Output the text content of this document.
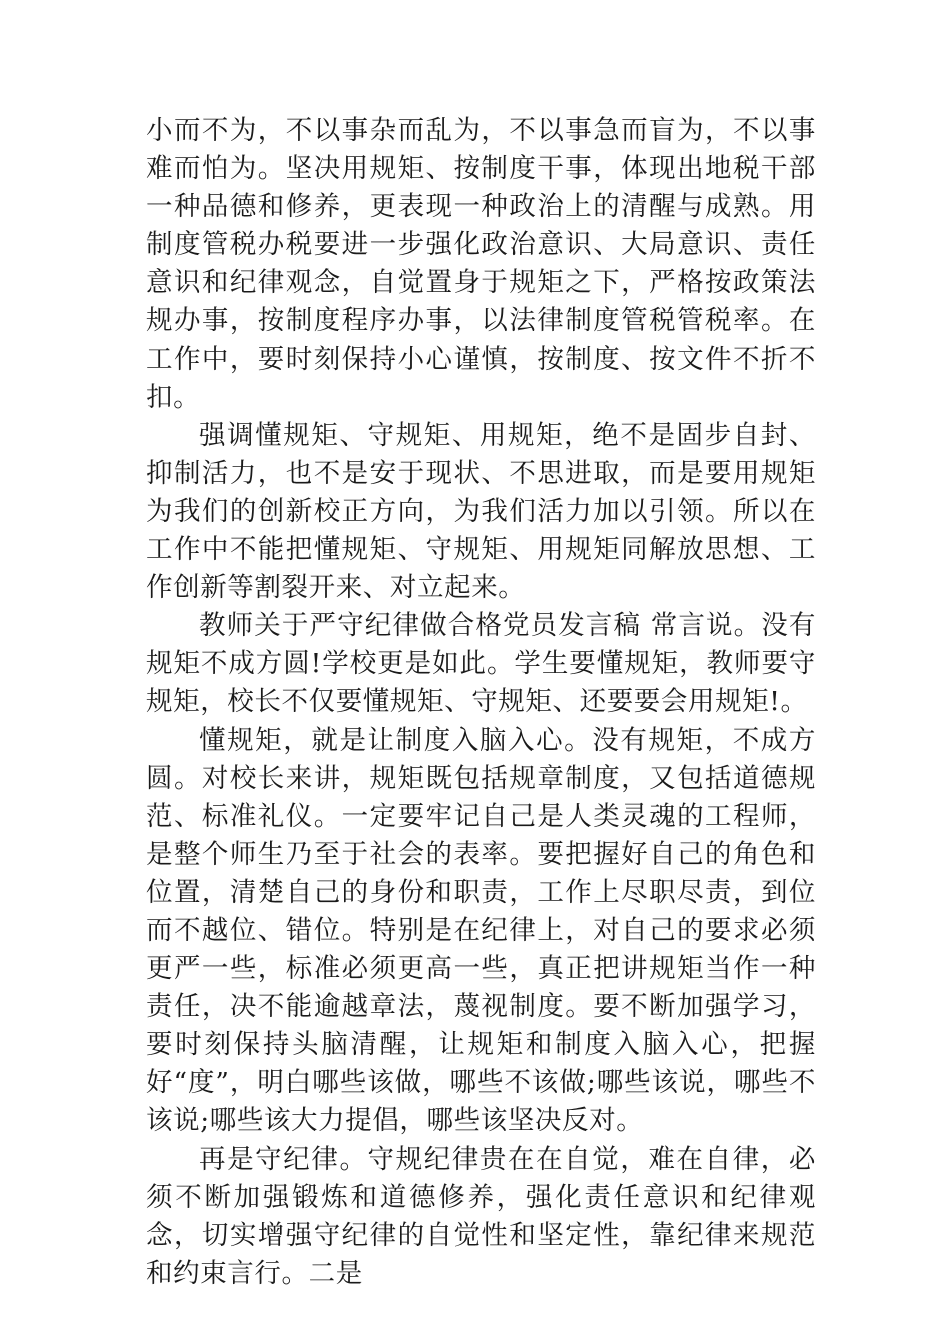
小而不为，不以事杂而乱为，不以事急而盲为，不以事难而怕为。坚决用规矩、按制度干事，体现出地税干部一种品德和修养，更表现一种政治上的清醒与成熟。用制度管税办税要进一步强化政治意识、大局意识、责任意识和纪律观念，自觉置身于规矩之下，严格按政策法规办事，按制度程序办事，以法律制度管税管税率。在工作中，要时刻保持小心谨慎，按制度、按文件不折不扣。

强调懂规矩、守规矩、用规矩，绝不是固步自封、抑制活力，也不是安于现状、不思进取，而是要用规矩为我们的创新校正方向，为我们活力加以引领。所以在工作中不能把懂规矩、守规矩、用规矩同解放思想、工作创新等割裂开来、对立起来。

教师关于严守纪律做合格党员发言稿 常言说。没有规矩不成方圆!学校更是如此。学生要懂规矩，教师要守规矩，校长不仅要懂规矩、守规矩、还要要会用规矩!。

懂规矩，就是让制度入脑入心。没有规矩，不成方圆。对校长来讲，规矩既包括规章制度，又包括道德规范、标准礼仪。一定要牢记自己是人类灵魂的工程师，是整个师生乃至于社会的表率。要把握好自己的角色和位置，清楚自己的身份和职责，工作上尽职尽责，到位而不越位、错位。特别是在纪律上，对自己的要求必须更严一些，标准必须更高一些，真正把讲规矩当作一种责任，决不能逾越章法，蔑视制度。要不断加强学习，要时刻保持头脑清醒，让规矩和制度入脑入心，把握好“度”，明白哪些该做，哪些不该做;哪些该说，哪些不该说;哪些该大力提倡，哪些该坚决反对。

再是守纪律。守规纪律贵在在自觉，难在自律，必须不断加强锻炼和道德修养，强化责任意识和纪律观念，切实增强守纪律的自觉性和坚定性，靠纪律来规范和约束言行。二是
